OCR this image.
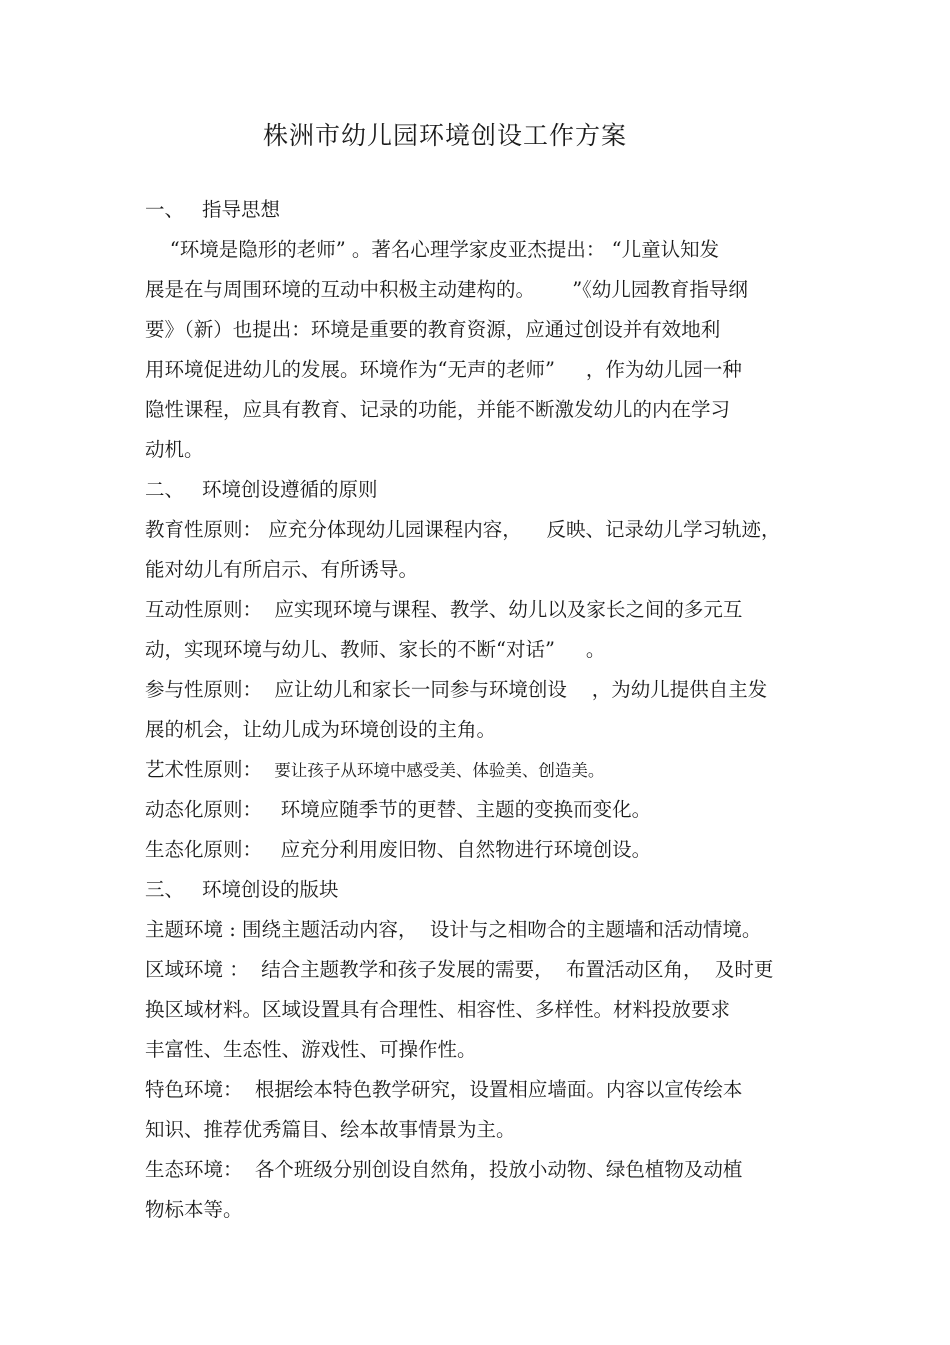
株洲市幼儿园环境创设工作方案
一、 指导思想
“环境是隐形的老师” 。著名心理学家皮亚杰提出： “儿童认知发
展是在与周围环境的互动中积极主动建构的。      ”《幼儿园教育指导纲
要》（新）也提出：环境是重要的教育资源，应通过创设并有效地利
用环境促进幼儿的发展。环境作为“无声的老师”     ，作为幼儿园一种
隐性课程，应具有教育、记录的功能，并能不断激发幼儿的内在学习
动机。
二、 环境创设遵循的原则
教育性原则： 应充分体现幼儿园课程内容，    反映、记录幼儿学习轨迹，
能对幼儿有所启示、有所诱导。
互动性原则：  应实现环境与课程、教学、幼儿以及家长之间的多元互
动，实现环境与幼儿、教师、家长的不断“对话”     。
参与性原则：  应让幼儿和家长一同参与环境创设    ，为幼儿提供自主发
展的机会，让幼儿成为环境创设的主角。
艺术性原则：  要让孩子从环境中感受美、体验美、创造美。
动态化原则：   环境应随季节的更替、主题的变换而变化。
生态化原则：   应充分利用废旧物、自然物进行环境创设。
三、 环境创设的版块
主题环境 : 围绕主题活动内容，  设计与之相吻合的主题墙和活动情境。
区域环境 ：  结合主题教学和孩子发展的需要，  布置活动区角，  及时更
换区域材料。区域设置具有合理性、相容性、多样性。材料投放要求
丰富性、生态性、游戏性、可操作性。
特色环境：  根据绘本特色教学研究，设置相应墙面。内容以宣传绘本
知识、推荐优秀篇目、绘本故事情景为主。
生态环境：  各个班级分别创设自然角，投放小动物、绿色植物及动植
物标本等。
